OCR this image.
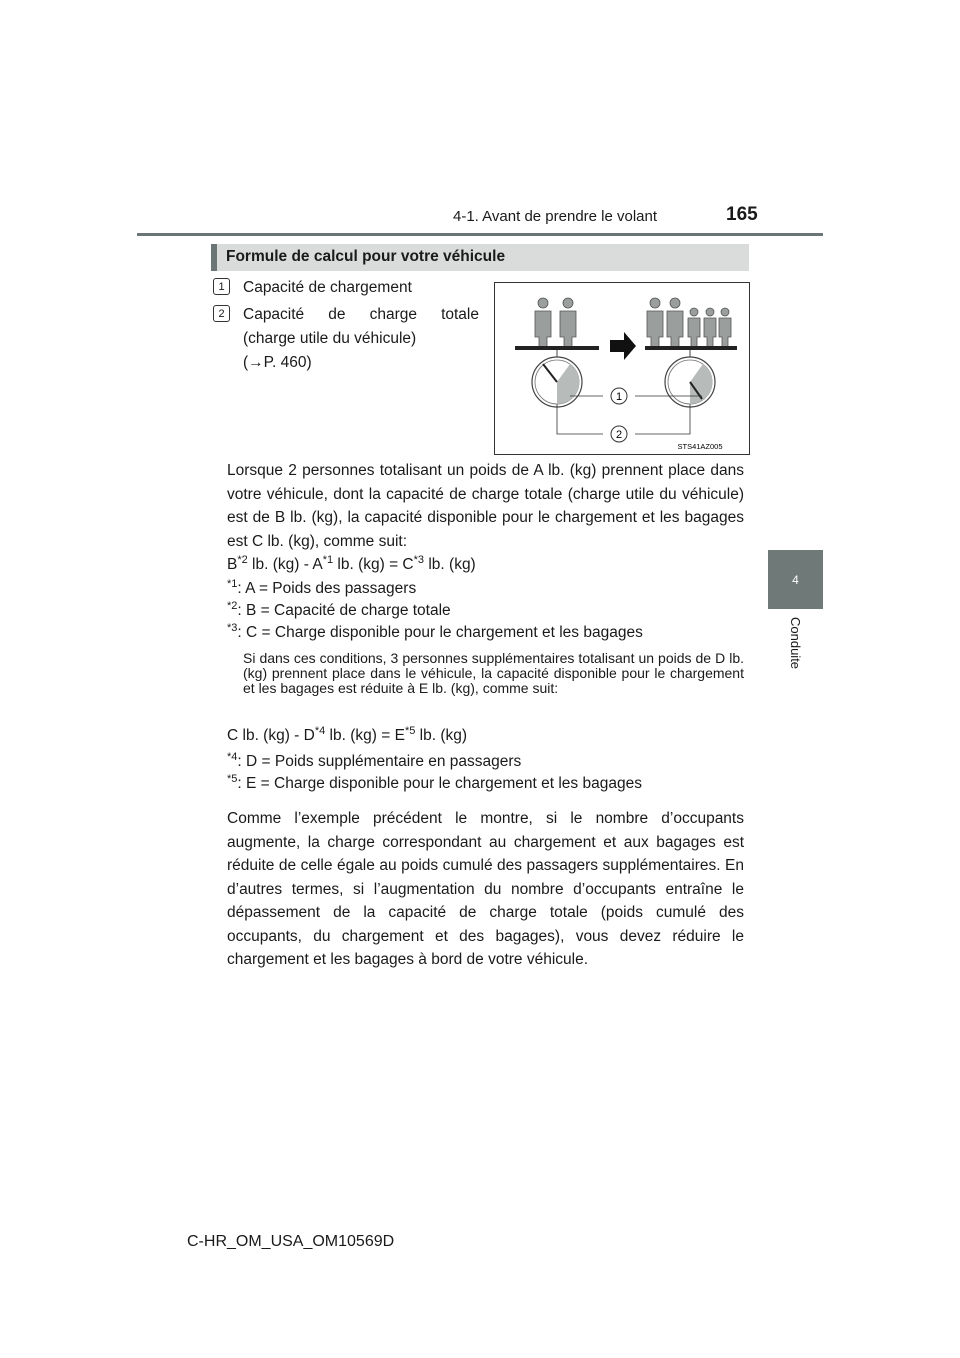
4-1. Avant de prendre le volant	165
4
Conduite
Formule de calcul pour votre véhicule
1	Capacité de chargement
2	Capacité de charge totale
(charge utile du véhicule)
(→P. 460)
1
2
STS41AZ005
Lorsque 2 personnes totalisant un poids de A lb. (kg) prennent place dans votre véhicule, dont la capacité de charge totale (charge utile du véhicule) est de B lb. (kg), la capacité disponible pour le chargement et les bagages est C lb. (kg), comme suit:
$B^{*2}$ lb. $(kg) - A^{*1}$ lb. $(kg) = C^{*3}$ lb. (kg)
$^{*1}$: A = Poids des passagers
$^{*2}$: B = Capacité de charge totale
$^{*3}$: C = Charge disponible pour le chargement et les bagages
Si dans ces conditions, 3 personnes supplémentaires totalisant un poids de D lb. (kg) prennent place dans le véhicule, la capacité disponible pour le chargement et les bagages est réduite à E lb. (kg), comme suit:
C lb. $(kg) - D^{*4}$ lb. $(kg) = E^{*5}$ lb. (kg)
$^{*4}$: D = Poids supplémentaire en passagers
$^{*5}$: E = Charge disponible pour le chargement et les bagages
Comme l’exemple précédent le montre, si le nombre d’occupants augmente, la charge correspondant au chargement et aux bagages est réduite de celle égale au poids cumulé des passagers supplémentaires. En d’autres termes, si l’augmentation du nombre d’occupants entraîne le dépassement de la capacité de charge totale (poids cumulé des occupants, du chargement et des bagages), vous devez réduire le chargement et les bagages à bord de votre véhicule.
C-HR_OM_USA_OM10569D
